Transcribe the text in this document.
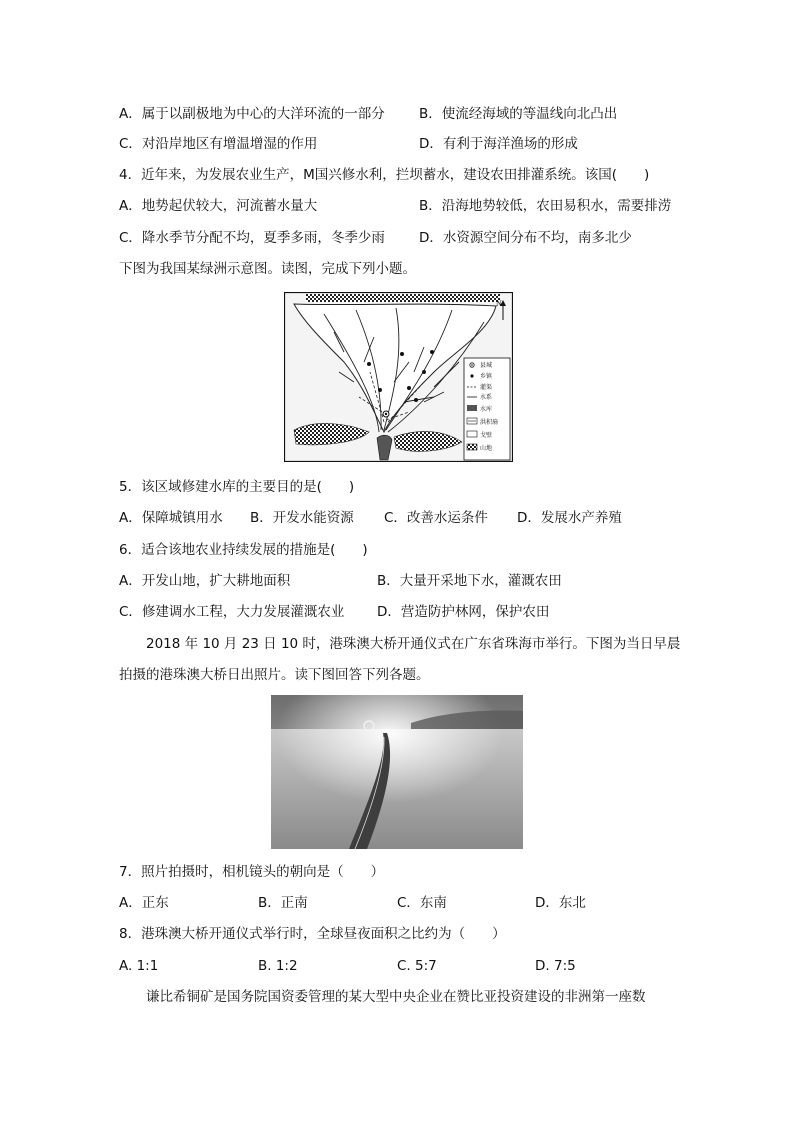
A．属于以副极地为中心的大洋环流的一部分	B．使流经海域的等温线向北凸出
C．对沿岸地区有增温增湿的作用	D．有利于海洋渔场的形成
4．近年来，为发展农业生产，M国兴修水利，拦坝蓄水，建设农田排灌系统。该国(　　)
A．地势起伏较大，河流蓄水量大	B．沿海地势较低，农田易积水，需要排涝
C．降水季节分配不均，夏季多雨，冬季少雨	D．水资源空间分布不均，南多北少
下图为我国某绿洲示意图。读图，完成下列小题。
N
县城
乡镇
灌渠
水系
水库
洪积扇
戈壁
山地
5．该区域修建水库的主要目的是(　　)
A．保障城镇用水 B．开发水能资源 C．改善水运条件 D．发展水产养殖
6．适合该地农业持续发展的措施是(　　)
A．开发山地，扩大耕地面积	B．大量开采地下水，灌溉农田
C．修建调水工程，大力发展灌溉农业 D．营造防护林网，保护农田
2018 年 10 月 23 日 10 时，港珠澳大桥开通仪式在广东省珠海市举行。下图为当日早晨
拍摄的港珠澳大桥日出照片。读下图回答下列各题。
7．照片拍摄时，相机镜头的朝向是（　　）
A．正东	B．正南	C．东南	D．东北
8．港珠澳大桥开通仪式举行时，全球昼夜面积之比约为（　　）
A. 1:1	B. 1:2	C. 5:7	D. 7:5
谦比希铜矿是国务院国资委管理的某大型中央企业在赞比亚投资建设的非洲第一座数
